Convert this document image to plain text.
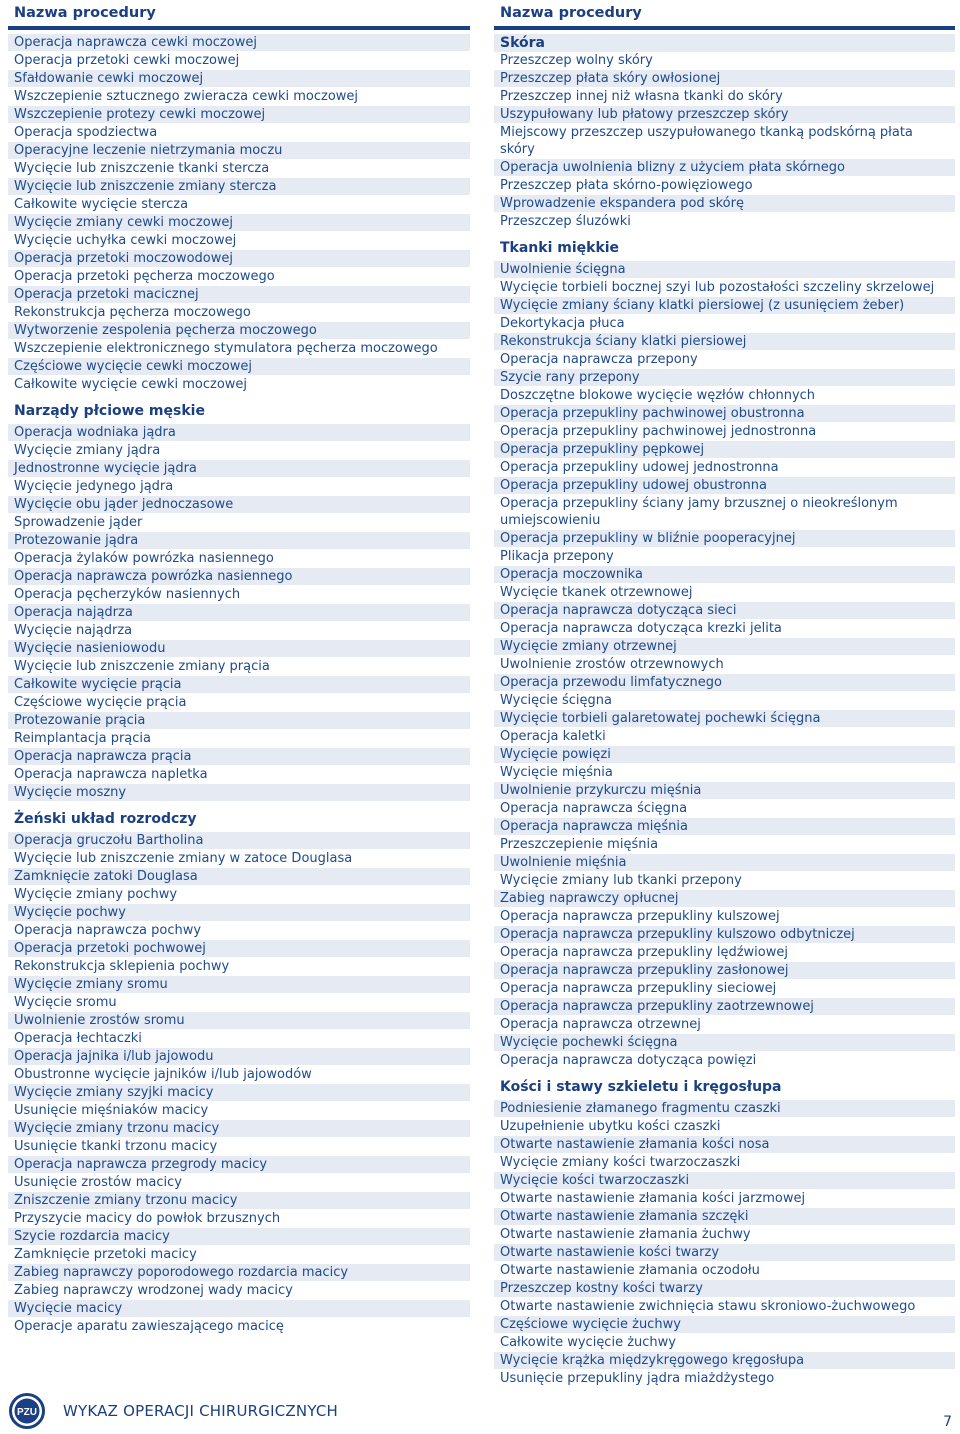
Nazwa procedury
Operacja naprawcza cewki moczowej
Operacja przetoki cewki moczowej
Sfałdowanie cewki moczowej
Wszczepienie sztucznego zwieracza cewki moczowej
Wszczepienie protezy cewki moczowej
Operacja spodziectwa
Operacyjne leczenie nietrzymania moczu
Wycięcie lub zniszczenie tkanki stercza
Wycięcie lub zniszczenie zmiany stercza
Całkowite wycięcie stercza
Wycięcie zmiany cewki moczowej
Wycięcie uchyłka cewki moczowej
Operacja przetoki moczowodowej
Operacja przetoki pęcherza moczowego
Operacja przetoki macicznej
Rekonstrukcja pęcherza moczowego
Wytworzenie zespolenia pęcherza moczowego
Wszczepienie elektronicznego stymulatora pęcherza moczowego
Częściowe wycięcie cewki moczowej
Całkowite wycięcie cewki moczowej
Narządy płciowe męskie
Operacja wodniaka jądra
Wycięcie zmiany jądra
Jednostronne wycięcie jądra
Wycięcie jedynego jądra
Wycięcie obu jąder jednoczasowe
Sprowadzenie jąder
Protezowanie jądra
Operacja żylaków powrózka nasiennego
Operacja naprawcza powrózka nasiennego
Operacja pęcherzyków nasiennych
Operacja najądrza
Wycięcie najądrza
Wycięcie nasieniowodu
Wycięcie lub zniszczenie zmiany prącia
Całkowite wycięcie prącia
Częściowe wycięcie prącia
Protezowanie prącia
Reimplantacja prącia
Operacja naprawcza prącia
Operacja naprawcza napletka
Wycięcie moszny
Żeński układ rozrodczy
Operacja gruczołu Bartholina
Wycięcie lub zniszczenie zmiany w zatoce Douglasa
Zamknięcie zatoki Douglasa
Wycięcie zmiany pochwy
Wycięcie pochwy
Operacja naprawcza pochwy
Operacja przetoki pochwowej
Rekonstrukcja sklepienia pochwy
Wycięcie zmiany sromu
Wycięcie sromu
Uwolnienie zrostów sromu
Operacja łechtaczki
Operacja jajnika i/lub jajowodu
Obustronne wycięcie jajników i/lub jajowodów
Wycięcie zmiany szyjki macicy
Usunięcie mięśniaków macicy
Wycięcie zmiany trzonu macicy
Usunięcie tkanki trzonu macicy
Operacja naprawcza przegrody macicy
Usunięcie zrostów macicy
Zniszczenie zmiany trzonu macicy
Przyszycie macicy do powłok brzusznych
Szycie rozdarcia macicy
Zamknięcie przetoki macicy
Zabieg naprawczy poporodowego rozdarcia macicy
Zabieg naprawczy wrodzonej wady macicy
Wycięcie macicy
Operacje aparatu zawieszającego macicę
Nazwa procedury
Skóra
Przeszczep wolny skóry
Przeszczep płata skóry owłosionej
Przeszczep innej niż własna tkanki do skóry
Uszypułowany lub płatowy przeszczep skóry
Miejscowy przeszczep uszypułowanego tkanką podskórną płata skóry
Operacja uwolnienia blizny z użyciem płata skórnego
Przeszczep płata skórno-powięziowego
Wprowadzenie ekspandera pod skórę
Przeszczep śluzówki
Tkanki miękkie
Uwolnienie ścięgna
Wycięcie torbieli bocznej szyi lub pozostałości szczeliny skrzelowej
Wycięcie zmiany ściany klatki piersiowej (z usunięciem żeber)
Dekortykacja płuca
Rekonstrukcja ściany klatki piersiowej
Operacja naprawcza przepony
Szycie rany przepony
Doszczętne blokowe wycięcie węzłów chłonnych
Operacja przepukliny pachwinowej obustronna
Operacja przepukliny pachwinowej jednostronna
Operacja przepukliny pępkowej
Operacja przepukliny udowej jednostronna
Operacja przepukliny udowej obustronna
Operacja przepukliny ściany jamy brzusznej o nieokreślonym umiejscowieniu
Operacja przepukliny w bliźnie pooperacyjnej
Plikacja przepony
Operacja moczownika
Wycięcie tkanek otrzewnowej
Operacja naprawcza dotycząca sieci
Operacja naprawcza dotycząca krezki jelita
Wycięcie zmiany otrzewnej
Uwolnienie zrostów otrzewnowych
Operacja przewodu limfatycznego
Wycięcie ścięgna
Wycięcie torbieli galaretowatej pochewki ścięgna
Operacja kaletki
Wycięcie powięzi
Wycięcie mięśnia
Uwolnienie przykurczu mięśnia
Operacja naprawcza ścięgna
Operacja naprawcza mięśnia
Przeszczepienie mięśnia
Uwolnienie mięśnia
Wycięcie zmiany lub tkanki przepony
Zabieg naprawczy opłucnej
Operacja naprawcza przepukliny kulszowej
Operacja naprawcza przepukliny kulszowo odbytniczej
Operacja naprawcza przepukliny lędźwiowej
Operacja naprawcza przepukliny zasłonowej
Operacja naprawcza przepukliny sieciowej
Operacja naprawcza przepukliny zaotrzewnowej
Operacja naprawcza otrzewnej
Wycięcie pochewki ścięgna
Operacja naprawcza dotycząca powięzi
Kości i stawy szkieletu i kręgosłupa
Podniesienie złamanego fragmentu czaszki
Uzupełnienie ubytku kości czaszki
Otwarte nastawienie złamania kości nosa
Wycięcie zmiany kości twarzoczaszki
Wycięcie kości twarzoczaszki
Otwarte nastawienie złamania kości jarzmowej
Otwarte nastawienie złamania szczęki
Otwarte nastawienie złamania żuchwy
Otwarte nastawienie kości twarzy
Otwarte nastawienie złamania oczodołu
Przeszczep kostny kości twarzy
Otwarte nastawienie zwichnięcia stawu skroniowo-żuchwowego
Częściowe wycięcie żuchwy
Całkowite wycięcie żuchwy
Wycięcie krążka międzykręgowego kręgosłupa
Usunięcie przepukliny jądra miażdżystego
PZU WYKAZ OPERACJI CHIRURGICZNYCH
7
